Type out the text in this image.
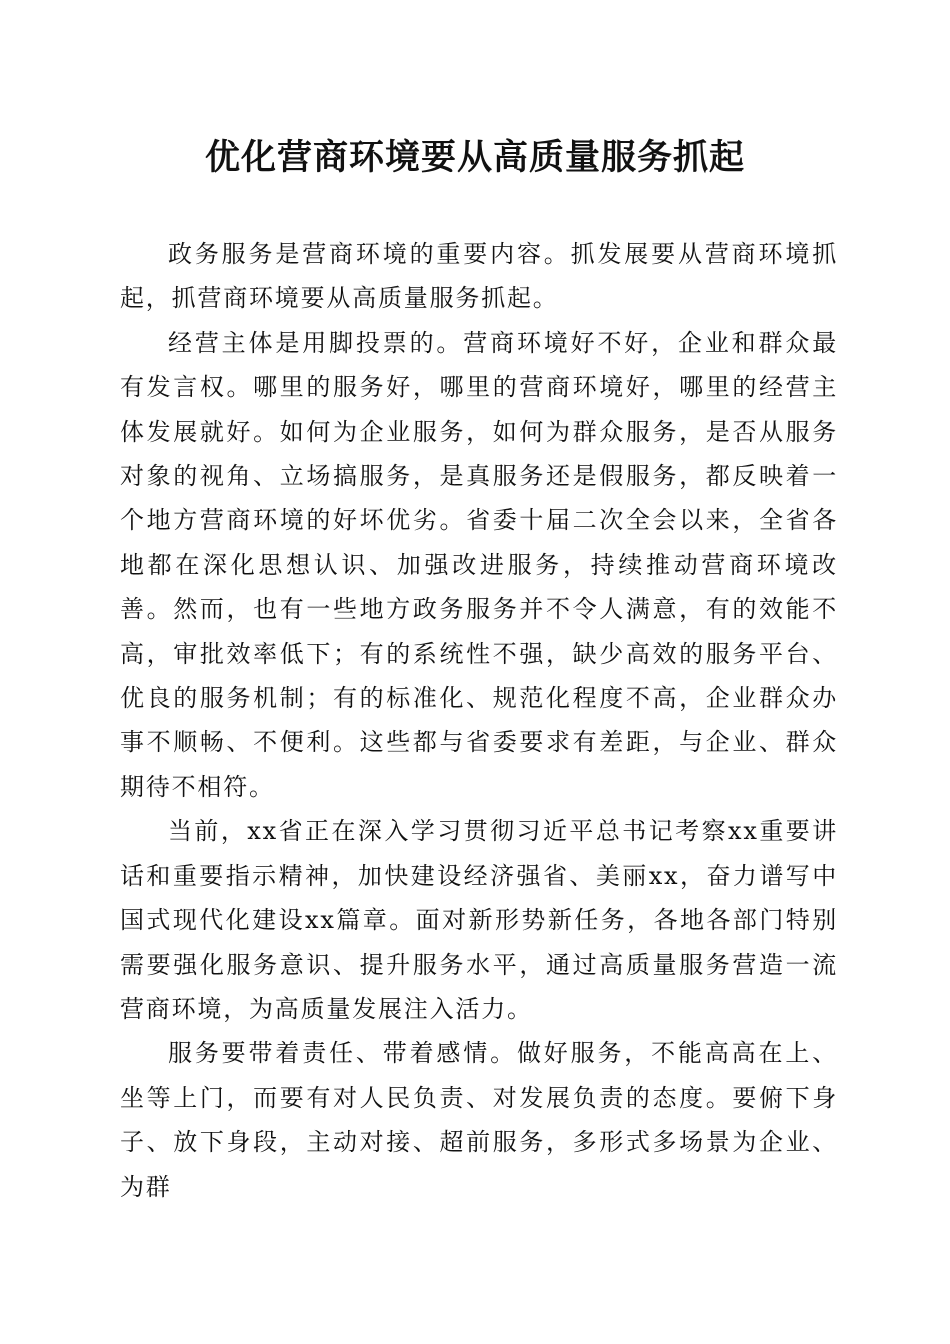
优化营商环境要从高质量服务抓起

政务服务是营商环境的重要内容。抓发展要从营商环境抓起，抓营商环境要从高质量服务抓起。

经营主体是用脚投票的。营商环境好不好，企业和群众最有发言权。哪里的服务好，哪里的营商环境好，哪里的经营主体发展就好。如何为企业服务，如何为群众服务，是否从服务对象的视角、立场搞服务，是真服务还是假服务，都反映着一个地方营商环境的好坏优劣。省委十届二次全会以来，全省各地都在深化思想认识、加强改进服务，持续推动营商环境改善。然而，也有一些地方政务服务并不令人满意，有的效能不高，审批效率低下；有的系统性不强，缺少高效的服务平台、优良的服务机制；有的标准化、规范化程度不高，企业群众办事不顺畅、不便利。这些都与省委要求有差距，与企业、群众期待不相符。

当前，xx省正在深入学习贯彻习近平总书记考察xx重要讲话和重要指示精神，加快建设经济强省、美丽xx，奋力谱写中国式现代化建设xx篇章。面对新形势新任务，各地各部门特别需要强化服务意识、提升服务水平，通过高质量服务营造一流营商环境，为高质量发展注入活力。

服务要带着责任、带着感情。做好服务，不能高高在上、坐等上门，而要有对人民负责、对发展负责的态度。要俯下身子、放下身段，主动对接、超前服务，多形式多场景为企业、为群
